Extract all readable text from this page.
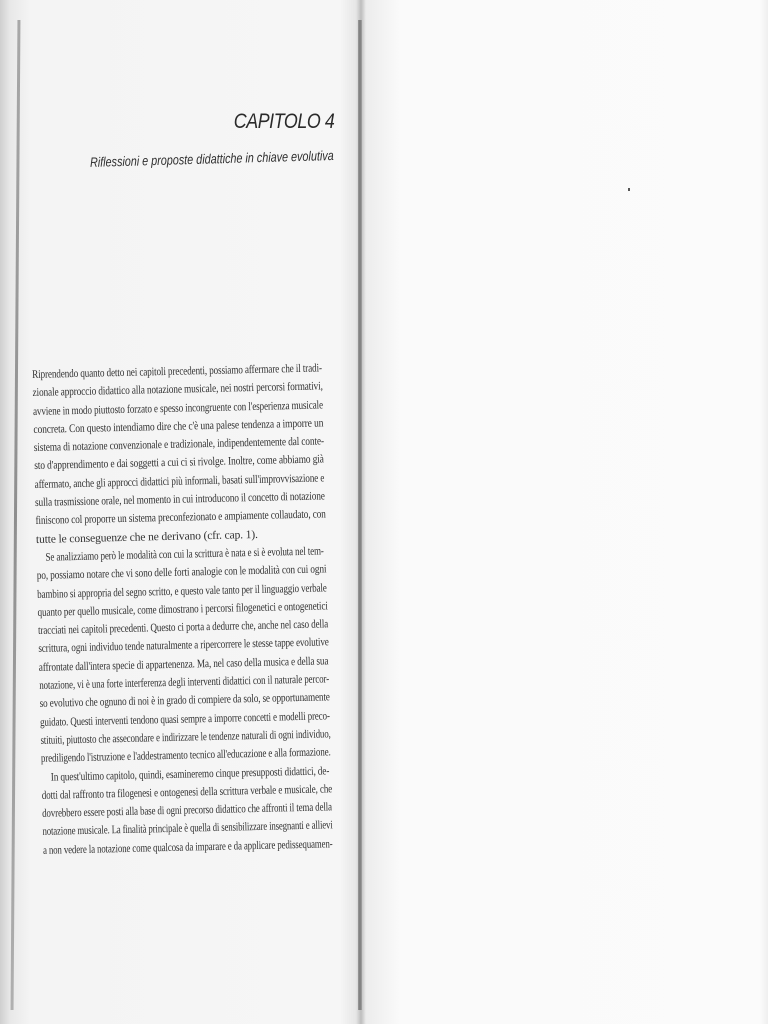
CAPITOLO 4
Riflessioni e proposte didattiche in chiave evolutiva
Riprendendo quanto detto nei capitoli precedenti, possiamo affermare che il tradi-
zionale approccio didattico alla notazione musicale, nei nostri percorsi formativi,
avviene in modo piuttosto forzato e spesso incongruente con l'esperienza musicale
concreta. Con questo intendiamo dire che c'è una palese tendenza a imporre un
sistema di notazione convenzionale e tradizionale, indipendentemente dal conte-
sto d'apprendimento e dai soggetti a cui ci si rivolge. Inoltre, come abbiamo già
affermato, anche gli approcci didattici più informali, basati sull'improvvisazione e
sulla trasmissione orale, nel momento in cui introducono il concetto di notazione
finiscono col proporre un sistema preconfezionato e ampiamente collaudato, con
tutte le conseguenze che ne derivano (cfr. cap. 1).
Se analizziamo però le modalità con cui la scrittura è nata e si è evoluta nel tem-
po, possiamo notare che vi sono delle forti analogie con le modalità con cui ogni
bambino si appropria del segno scritto, e questo vale tanto per il linguaggio verbale
quanto per quello musicale, come dimostrano i percorsi filogenetici e ontogenetici
tracciati nei capitoli precedenti. Questo ci porta a dedurre che, anche nel caso della
scrittura, ogni individuo tende naturalmente a ripercorrere le stesse tappe evolutive
affrontate dall'intera specie di appartenenza. Ma, nel caso della musica e della sua
notazione, vi è una forte interferenza degli interventi didattici con il naturale percor-
so evolutivo che ognuno di noi è in grado di compiere da solo, se opportunamente
guidato. Questi interventi tendono quasi sempre a imporre concetti e modelli preco-
stituiti, piuttosto che assecondare e indirizzare le tendenze naturali di ogni individuo,
prediligendo l'istruzione e l'addestramento tecnico all'educazione e alla formazione.
In quest'ultimo capitolo, quindi, esamineremo cinque presupposti didattici, de-
dotti dal raffronto tra filogenesi e ontogenesi della scrittura verbale e musicale, che
dovrebbero essere posti alla base di ogni precorso didattico che affronti il tema della
notazione musicale. La finalità principale è quella di sensibilizzare insegnanti e allievi
a non vedere la notazione come qualcosa da imparare e da applicare pedissequamen-
